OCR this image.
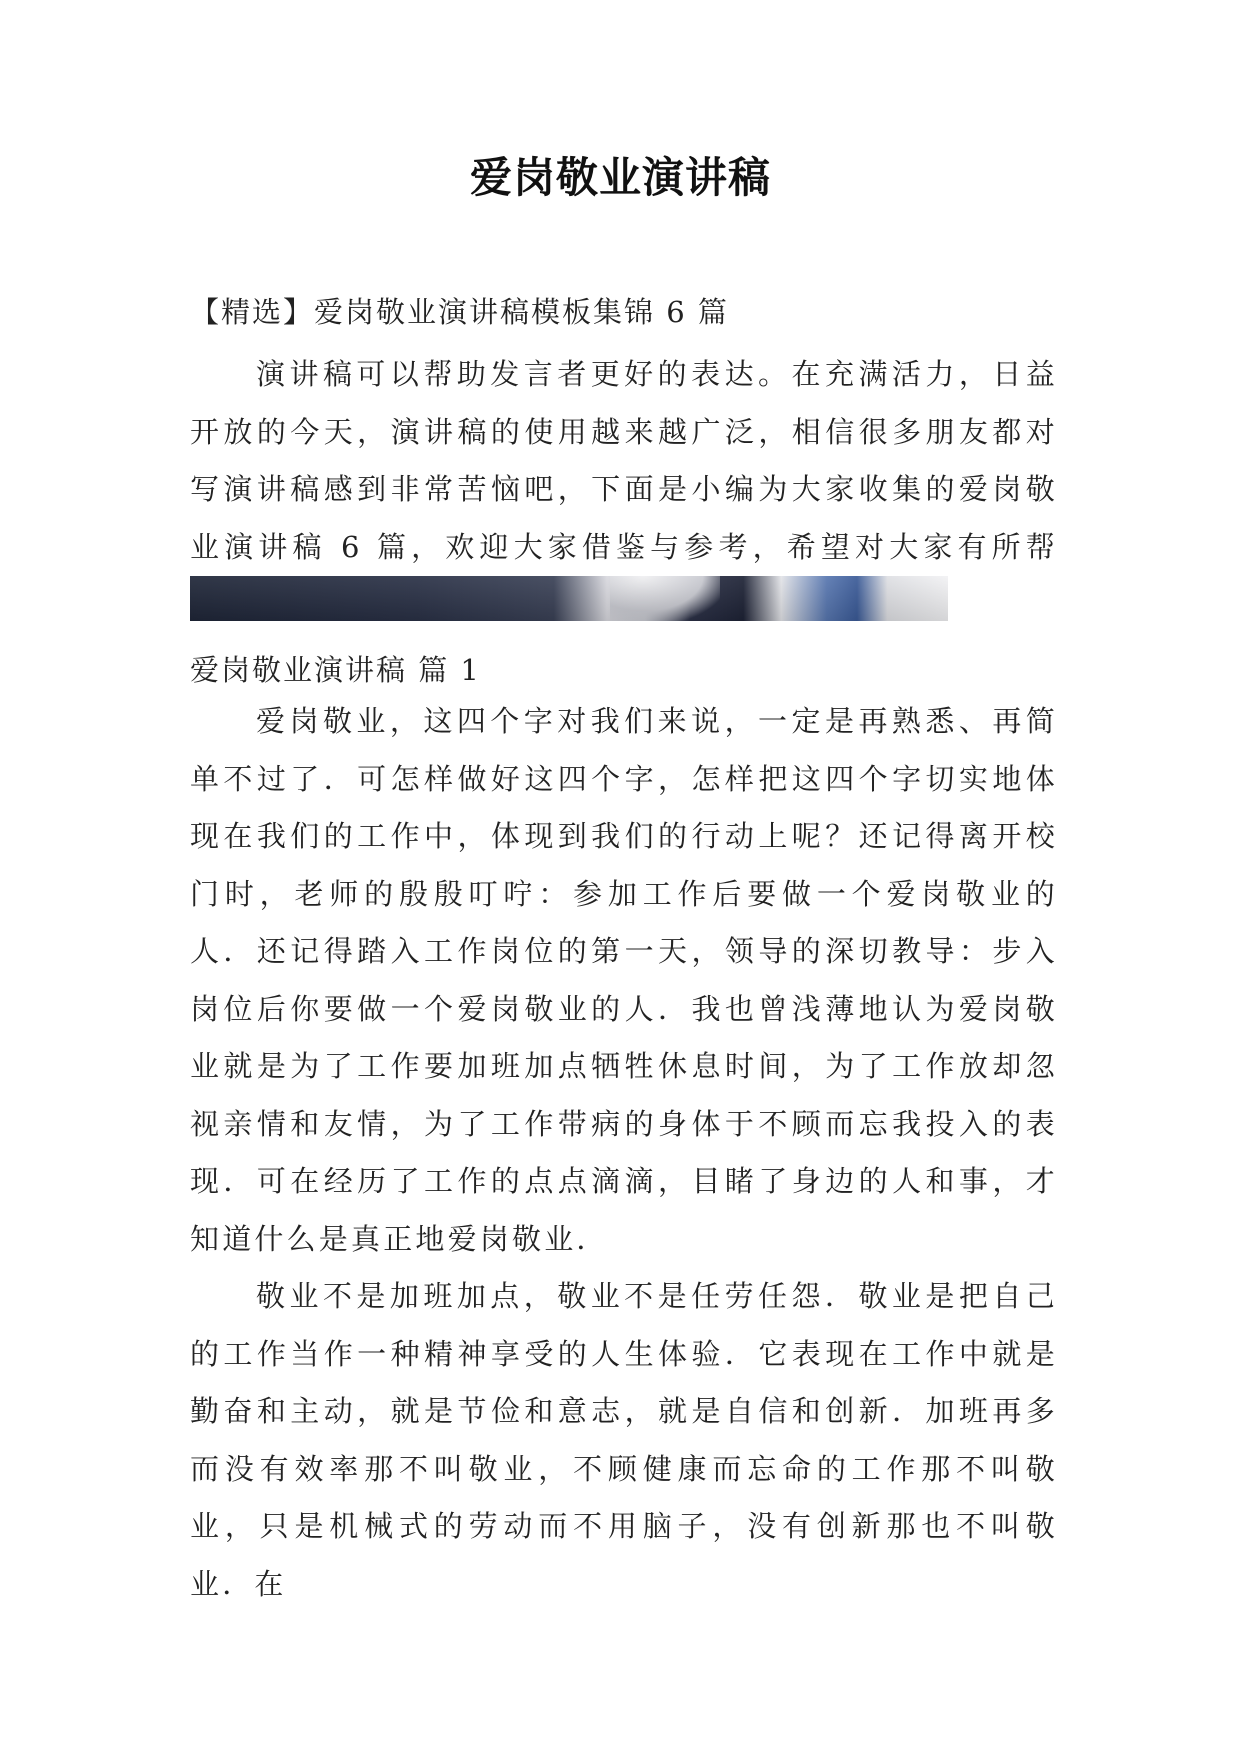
爱岗敬业演讲稿
【精选】爱岗敬业演讲稿模板集锦 6 篇

演讲稿可以帮助发言者更好的表达。在充满活力，日益开放的今天，演讲稿的使用越来越广泛，相信很多朋友都对写演讲稿感到非常苦恼吧，下面是小编为大家收集的爱岗敬业演讲稿 6 篇，欢迎大家借鉴与参考，希望对大家有所帮

爱岗敬业演讲稿 篇 1

爱岗敬业，这四个字对我们来说，一定是再熟悉、再简单不过了．可怎样做好这四个字，怎样把这四个字切实地体现在我们的工作中，体现到我们的行动上呢？还记得离开校门时，老师的殷殷叮咛：参加工作后要做一个爱岗敬业的人．还记得踏入工作岗位的第一天，领导的深切教导：步入岗位后你要做一个爱岗敬业的人．我也曾浅薄地认为爱岗敬业就是为了工作要加班加点牺牲休息时间，为了工作放却忽视亲情和友情，为了工作带病的身体于不顾而忘我投入的表现．可在经历了工作的点点滴滴，目睹了身边的人和事，才知道什么是真正地爱岗敬业．

敬业不是加班加点，敬业不是任劳任怨．敬业是把自己的工作当作一种精神享受的人生体验．它表现在工作中就是勤奋和主动，就是节俭和意志，就是自信和创新．加班再多而没有效率那不叫敬业，不顾健康而忘命的工作那不叫敬业，只是机械式的劳动而不用脑子，没有创新那也不叫敬业．在
